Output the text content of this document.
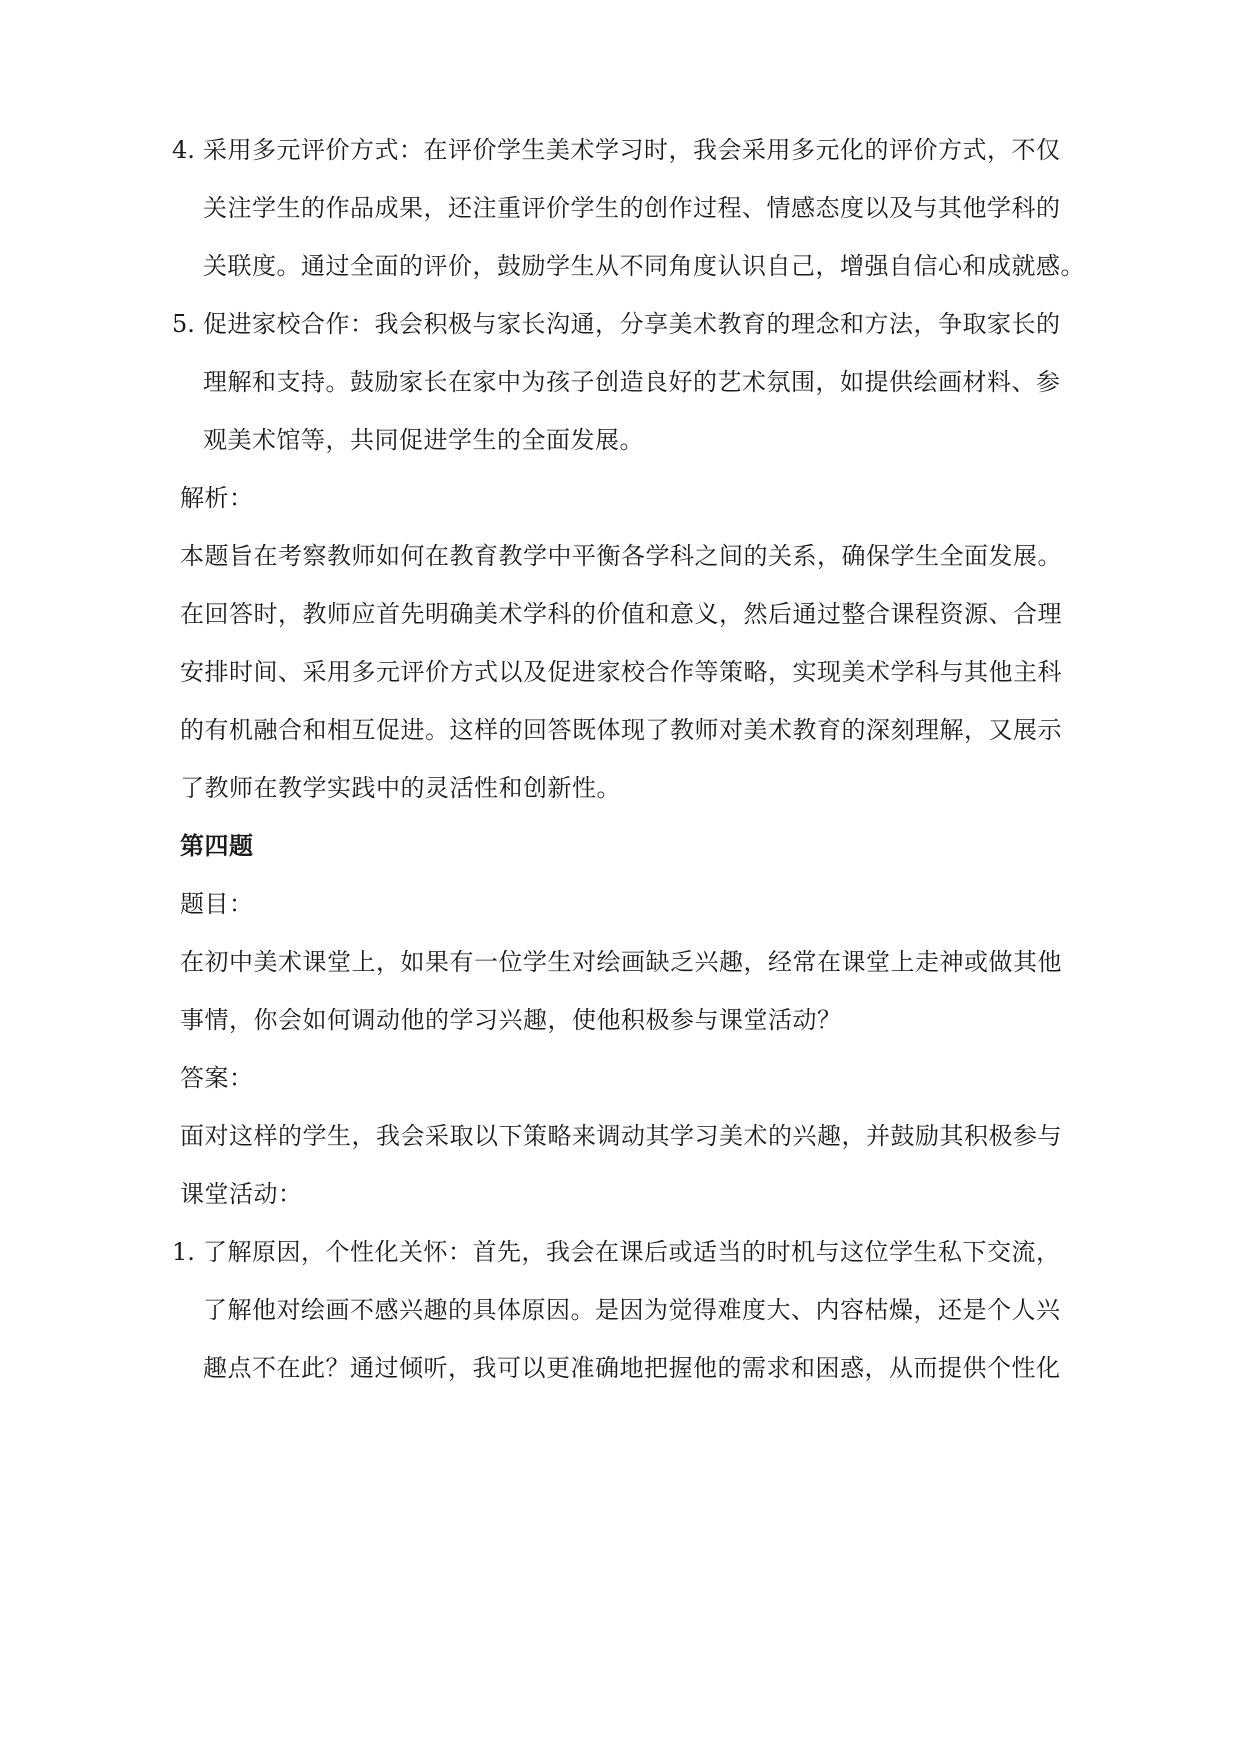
4. 采用多元评价方式：在评价学生美术学习时，我会采用多元化的评价方式，不仅
关注学生的作品成果，还注重评价学生的创作过程、情感态度以及与其他学科的
关联度。通过全面的评价，鼓励学生从不同角度认识自己，增强自信心和成就感。
5. 促进家校合作：我会积极与家长沟通，分享美术教育的理念和方法，争取家长的
理解和支持。鼓励家长在家中为孩子创造良好的艺术氛围，如提供绘画材料、参
观美术馆等，共同促进学生的全面发展。
解析：
本题旨在考察教师如何在教育教学中平衡各学科之间的关系，确保学生全面发展。
在回答时，教师应首先明确美术学科的价值和意义，然后通过整合课程资源、合理
安排时间、采用多元评价方式以及促进家校合作等策略，实现美术学科与其他主科
的有机融合和相互促进。这样的回答既体现了教师对美术教育的深刻理解，又展示
了教师在教学实践中的灵活性和创新性。
第四题
题目：
在初中美术课堂上，如果有一位学生对绘画缺乏兴趣，经常在课堂上走神或做其他
事情，你会如何调动他的学习兴趣，使他积极参与课堂活动？
答案：
面对这样的学生，我会采取以下策略来调动其学习美术的兴趣，并鼓励其积极参与
课堂活动：
1. 了解原因，个性化关怀：首先，我会在课后或适当的时机与这位学生私下交流，
了解他对绘画不感兴趣的具体原因。是因为觉得难度大、内容枯燥，还是个人兴
趣点不在此？通过倾听，我可以更准确地把握他的需求和困惑，从而提供个性化
